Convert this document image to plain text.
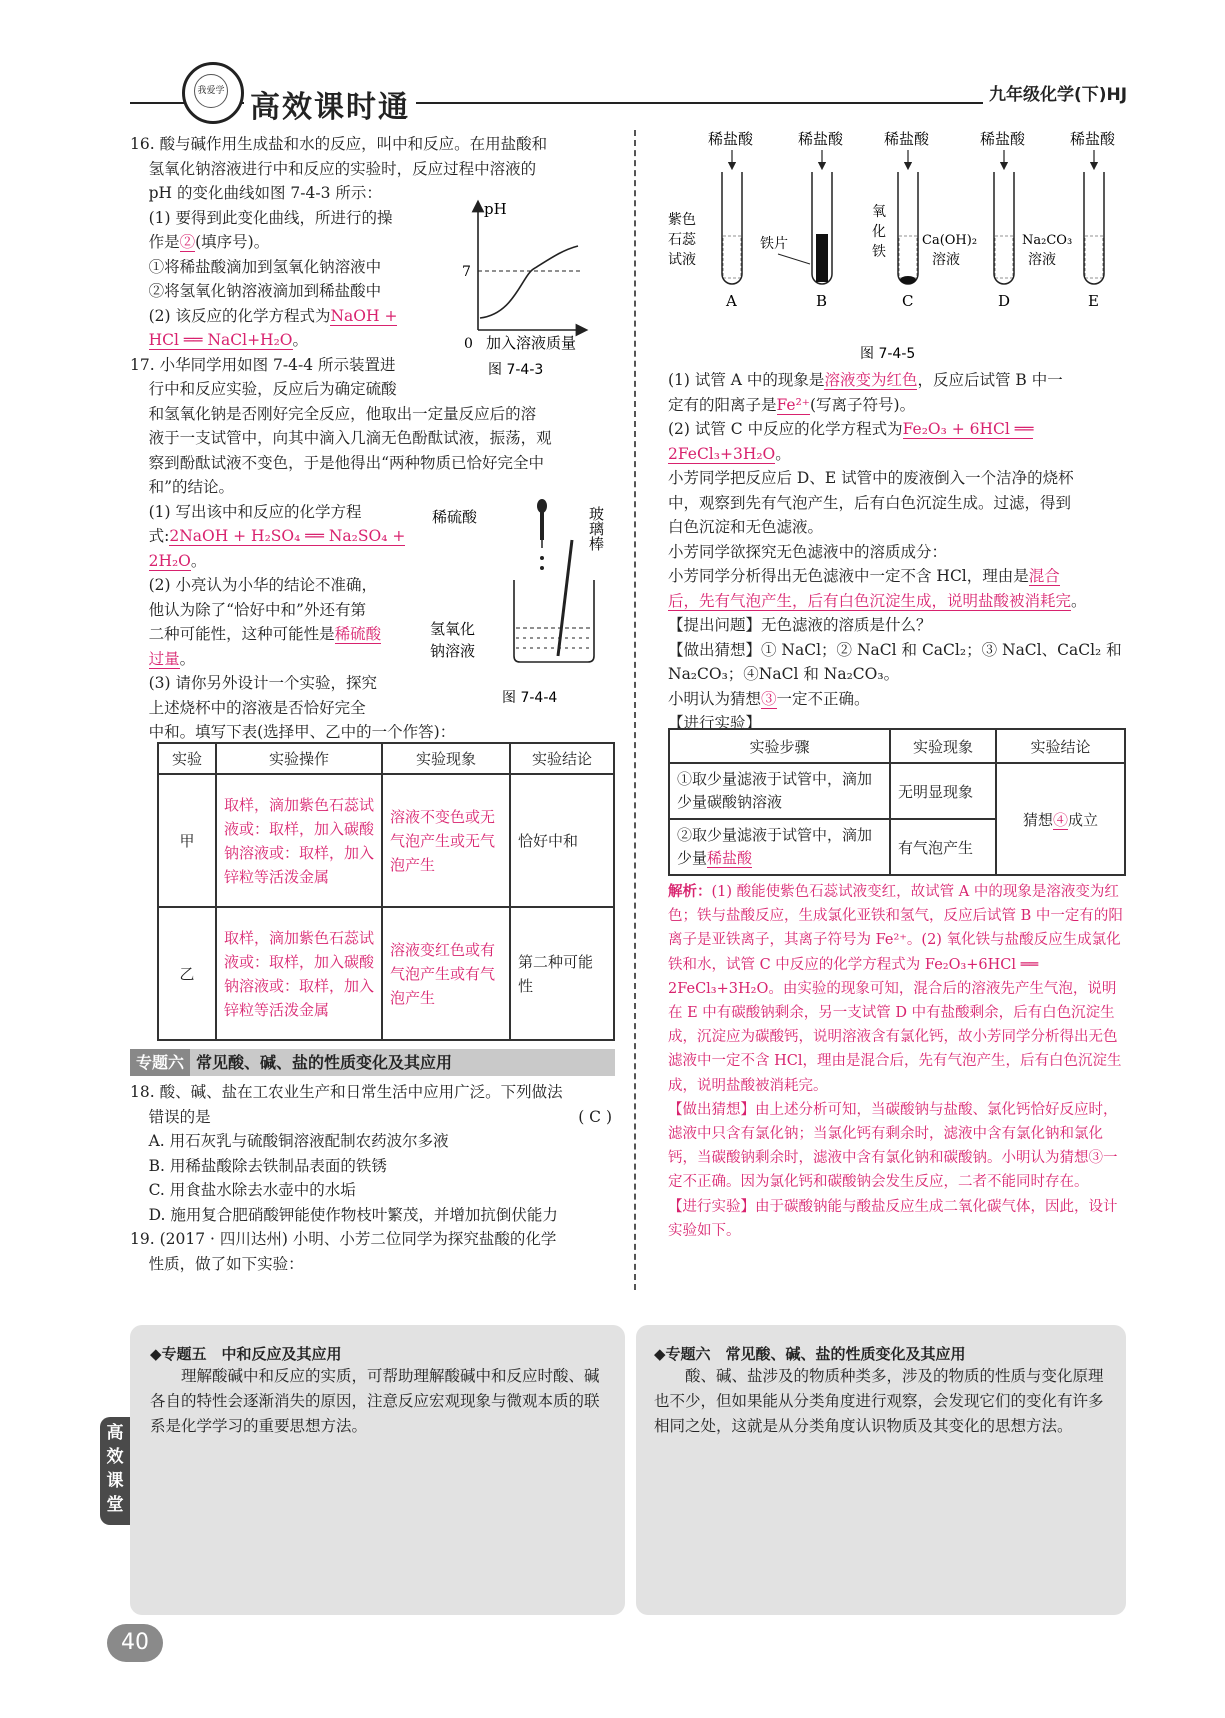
我爱学 高效课时通	九年级化学(下)HJ

16. 酸与碱作用生成盐和水的反应，叫中和反应。在用盐酸和

氢氧化钠溶液进行中和反应的实验时，反应过程中溶液的

pH 的变化曲线如图 7-4-3 所示：

(1) 要得到此变化曲线，所进行的操

作是②(填序号)。

①将稀盐酸滴加到氢氧化钠溶液中

②将氢氧化钠溶液滴加到稀盐酸中

(2) 该反应的化学方程式为NaOH +

HCl ══ NaCl+H₂O。

17. 小华同学用如图 7-4-4 所示装置进

行中和反应实验，反应后为确定硫酸

和氢氧化钠是否刚好完全反应，他取出一定量反应后的溶

液于一支试管中，向其中滴入几滴无色酚酞试液，振荡，观

察到酚酞试液不变色，于是他得出“两种物质已恰好完全中

和”的结论。

(1) 写出该中和反应的化学方程

式:2NaOH + H₂SO₄ ══ Na₂SO₄ +

2H₂O。

(2) 小亮认为小华的结论不准确，

他认为除了“恰好中和”外还有第

二种可能性，这种可能性是稀硫酸

过量。

(3) 请你另外设计一个实验，探究

上述烧杯中的溶液是否恰好完全

中和。填写下表(选择甲、乙中的一个作答)：

实验	实验操作	实验现象	实验结论
甲	取样，滴加紫色石蕊试液或：取样，加入碳酸钠溶液或：取样，加入锌粒等活泼金属	溶液不变色或无气泡产生或无气泡产生	恰好中和
乙	取样，滴加紫色石蕊试液或：取样，加入碳酸钠溶液或：取样，加入锌粒等活泼金属	溶液变红色或有气泡产生或有气泡产生	第二种可能性
专题六 常见酸、碱、盐的性质变化及其应用

18. 酸、碱、盐在工农业生产和日常生活中应用广泛。下列做法

错误的是	( C )

A. 用石灰乳与硫酸铜溶液配制农药波尔多液

B. 用稀盐酸除去铁制品表面的铁锈

C. 用食盐水除去水壶中的水垢

D. 施用复合肥硝酸钾能使作物枝叶繁茂，并增加抗倒伏能力

19. (2017 · 四川达州) 小明、小芳二位同学为探究盐酸的化学

性质，做了如下实验：

pH
7
0 加入溶液质量
图 7-4-3
稀硫酸	玻璃棒
氢氧化
钠溶液
图 7-4-4
稀盐酸
紫色
石蕊
试液
A
稀盐酸
铁片
B
稀盐酸
氧
化
铁
C
稀盐酸
Ca(OH)₂
溶液
D
稀盐酸
Na₂CO₃
溶液
E
图 7-4-5

(1) 试管 A 中的现象是溶液变为红色，反应后试管 B 中一

定有的阳离子是Fe²⁺(写离子符号)。

(2) 试管 C 中反应的化学方程式为Fe₂O₃ + 6HCl ══

2FeCl₃+3H₂O。

小芳同学把反应后 D、E 试管中的废液倒入一个洁净的烧杯

中，观察到先有气泡产生，后有白色沉淀生成。过滤，得到

白色沉淀和无色滤液。

小芳同学欲探究无色滤液中的溶质成分：

小芳同学分析得出无色滤液中一定不含 HCl，理由是混合

后，先有气泡产生，后有白色沉淀生成，说明盐酸被消耗完。

【提出问题】无色滤液的溶质是什么？

【做出猜想】① NaCl；② NaCl 和 CaCl₂；③ NaCl、CaCl₂ 和

Na₂CO₃；④NaCl 和 Na₂CO₃。

小明认为猜想③一定不正确。

【进行实验】

实验步骤	实验现象	实验结论
①取少量滤液于试管中，滴加少量碳酸钠溶液	无明显现象	猜想④成立
②取少量滤液于试管中，滴加少量稀盐酸	有气泡产生	
解析：(1) 酸能使紫色石蕊试液变红，故试管 A 中的现象是溶液变为红色；铁与盐酸反应，生成氯化亚铁和氢气，反应后试管 B 中一定有的阳离子是亚铁离子，其离子符号为 Fe²⁺。(2) 氧化铁与盐酸反应生成氯化铁和水，试管 C 中反应的化学方程式为 Fe₂O₃+6HCl ══ 2FeCl₃+3H₂O。由实验的现象可知，混合后的溶液先产生气泡，说明在 E 中有碳酸钠剩余，另一支试管 D 中有盐酸剩余，后有白色沉淀生成，沉淀应为碳酸钙，说明溶液含有氯化钙，故小芳同学分析得出无色滤液中一定不含 HCl，理由是混合后，先有气泡产生，后有白色沉淀生成，说明盐酸被消耗完。
【做出猜想】由上述分析可知，当碳酸钠与盐酸、氯化钙恰好反应时，滤液中只含有氯化钠；当氯化钙有剩余时，滤液中含有氯化钠和氯化钙，当碳酸钠剩余时，滤液中含有氯化钠和碳酸钠。小明认为猜想③一定不正确。因为氯化钙和碳酸钠会发生反应，二者不能同时存在。
【进行实验】由于碳酸钠能与酸盐反应生成二氧化碳气体，因此，设计实验如下。
◆专题五　中和反应及其应用

理解酸碱中和反应的实质，可帮助理解酸碱中和反应时酸、碱各自的特性会逐渐消失的原因，注意反应宏观现象与微观本质的联系是化学学习的重要思想方法。

◆专题六　常见酸、碱、盐的性质变化及其应用

酸、碱、盐涉及的物质种类多，涉及的物质的性质与变化原理也不少，但如果能从分类角度进行观察，会发现它们的变化有许多相同之处，这就是从分类角度认识物质及其变化的思想方法。

高效课堂
40
